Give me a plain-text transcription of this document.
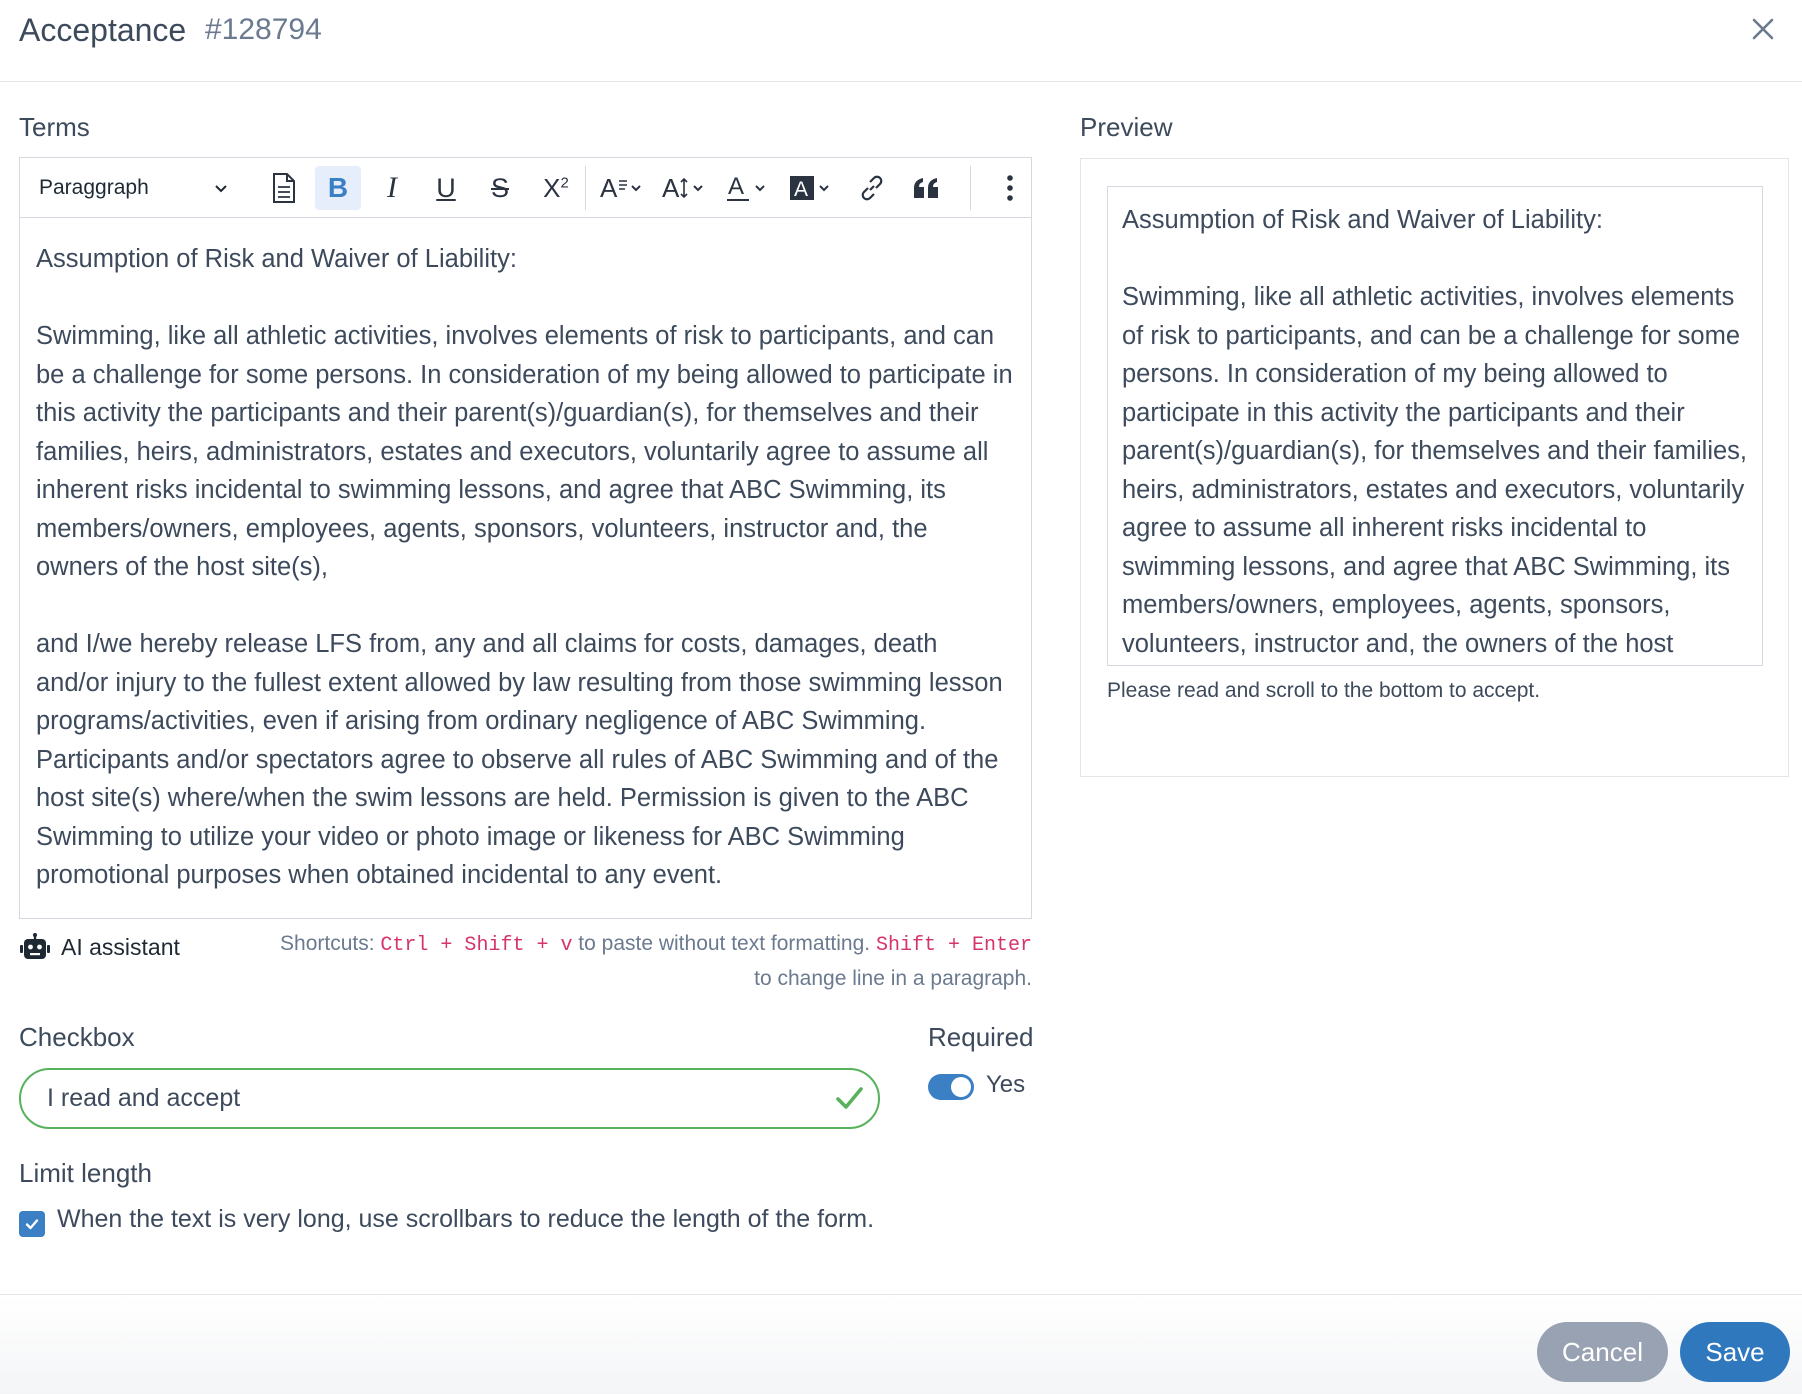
Acceptance #128794
Terms
Paraggraph	B I U S $X^2$ A A A A
Assumption of Risk and Waiver of Liability:

Swimming, like all athletic activities, involves elements of risk to participants, and can be a challenge for some persons. In consideration of my being allowed to participate in this activity the participants and their parent(s)/guardian(s), for themselves and their families, heirs, administrators, estates and executors, voluntarily agree to assume all inherent risks incidental to swimming lessons, and agree that ABC Swimming, its members/owners, employees, agents, sponsors, volunteers, instructor and, the owners of the host site(s),

and I/we hereby release LFS from, any and all claims for costs, damages, death and/or injury to the fullest extent allowed by law resulting from those swimming lesson programs/activities, even if arising from ordinary negligence of ABC Swimming. Participants and/or spectators agree to observe all rules of ABC Swimming and of the host site(s) where/when the swim lessons are held. Permission is given to the ABC Swimming to utilize your video or photo image or likeness for ABC Swimming promotional purposes when obtained incidental to any event.
AI assistant	Shortcuts: Ctrl + Shift + v to paste without text formatting. Shift + Enter
to change line in a paragraph.
Checkbox
I read and accept	Required
Yes
Limit length
When the text is very long, use scrollbars to reduce the length of the form.
Preview
Assumption of Risk and Waiver of Liability:

Swimming, like all athletic activities, involves elements of risk to participants, and can be a challenge for some persons. In consideration of my being allowed to participate in this activity the participants and their parent(s)/guardian(s), for themselves and their families, heirs, administrators, estates and executors, voluntarily agree to assume all inherent risks incidental to swimming lessons, and agree that ABC Swimming, its members/owners, employees, agents, sponsors, volunteers, instructor and, the owners of the host
Please read and scroll to the bottom to accept.
Cancel	Save
